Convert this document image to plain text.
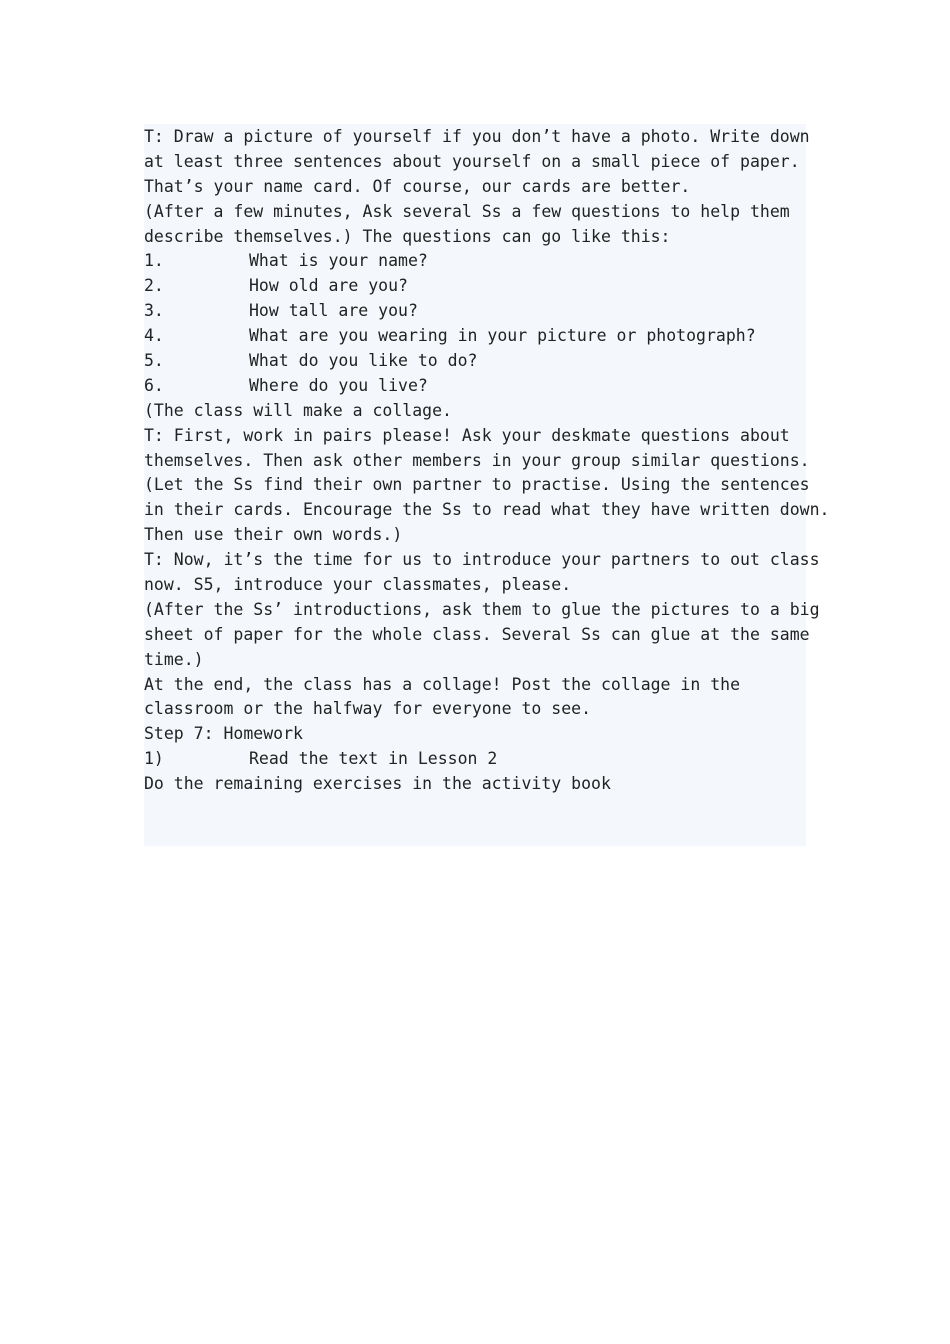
T: Draw a picture of yourself if you don’t have a photo. Write down
at least three sentences about yourself on a small piece of paper.
That’s your name card. Of course, our cards are better.
(After a few minutes, Ask several Ss a few questions to help them
describe themselves.) The questions can go like this:
1.	What is your name?
2.	How old are you?
3.	How tall are you?
4.	What are you wearing in your picture or photograph?
5.	What do you like to do?
6.	Where do you live?
(The class will make a collage.
T: First, work in pairs please! Ask your deskmate questions about
themselves. Then ask other members in your group similar questions.
(Let the Ss find their own partner to practise. Using the sentences
in their cards. Encourage the Ss to read what they have written down.
Then use their own words.)
T: Now, it’s the time for us to introduce your partners to out class
now. S5, introduce your classmates, please.
(After the Ss’ introductions, ask them to glue the pictures to a big
sheet of paper for the whole class. Several Ss can glue at the same
time.)
At the end, the class has a collage! Post the collage in the
classroom or the halfway for everyone to see.
Step 7: Homework
1)	Read the text in Lesson 2
Do the remaining exercises in the activity book
